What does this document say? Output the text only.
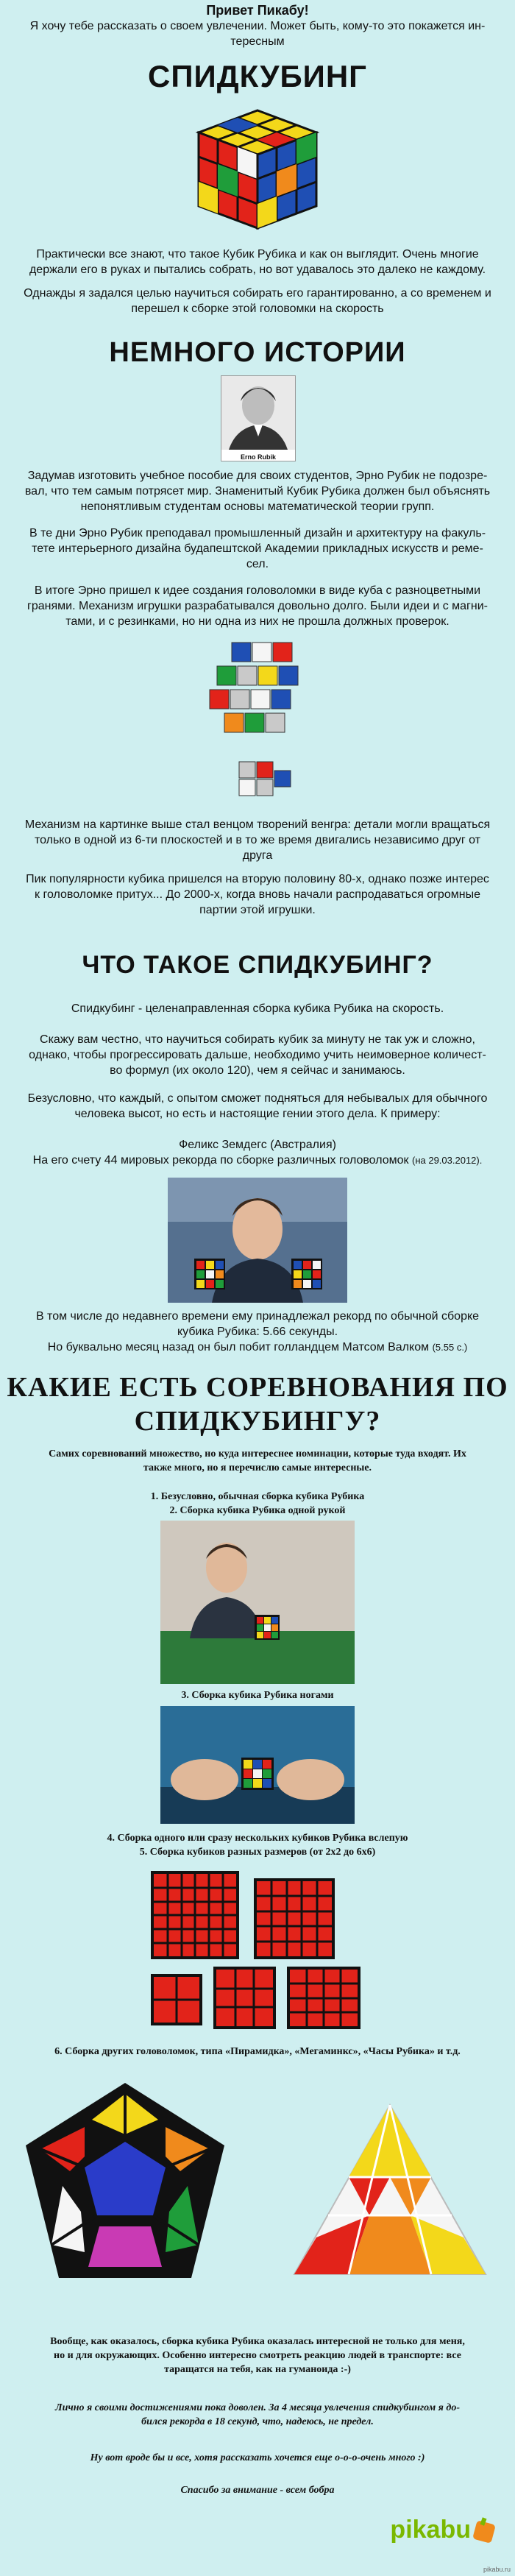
Привет Пикабу!

Я хочу тебе рассказать о своем увлечении. Может быть, кому-то это покажется ин-

тересным

СПИДКУБИНГ

Практически все знают, что такое Кубик Рубика и как он выглядит. Очень многие

держали его в руках и пытались собрать, но вот удавалось это далеко не каждому.

Однажды я задался целью научиться собирать его гарантированно, а со временем и

перешел к сборке этой головомки на скорость

НЕМНОГО ИСТОРИИ

Erno Rubik

Задумав изготовить учебное пособие для своих студентов, Эрно Рубик не подозре-

вал, что тем самым потрясет мир. Знаменитый Кубик Рубика должен был объяснять

непонятливым студентам основы математической теории групп.

В те дни Эрно Рубик преподавал промышленный дизайн и архитектуру на факуль-

тете интерьерного дизайна будапештской Академии прикладных искусств и реме-

сел.

В итоге Эрно пришел к идее создания головоломки в виде куба с разноцветными

гранями. Механизм игрушки разрабатывался довольно долго. Были идеи и с магни-

тами, и с резинками, но ни одна из них не прошла должных проверок.

Механизм на картинке выше стал венцом творений венгра: детали могли вращаться

только в одной из 6-ти плоскостей и в то же время двигались независимо друг от

друга

Пик популярности кубика пришелся на вторую половину 80-х, однако позже интерес

к головоломке притух... До 2000-х, когда вновь начали распродаваться огромные

партии этой игрушки.

ЧТО ТАКОЕ СПИДКУБИНГ?

Спидкубинг - целенаправленная сборка кубика Рубика на скорость.

Скажу вам честно, что научиться собирать кубик за минуту не так уж и сложно,

однако, чтобы прогрессировать дальше, необходимо учить неимоверное количест-

во формул (их около 120), чем я сейчас и занимаюсь.

Безусловно, что каждый, с опытом сможет подняться для небывалых для обычного

человека высот, но есть и настоящие гении этого дела. К примеру:

Феликс Земдегс (Австралия)

На его счету 44 мировых рекорда по сборке различных головоломок (на 29.03.2012).

В том числе до недавнего времени ему принадлежал рекорд по обычной сборке

кубика Рубика: 5.66 секунды.

Но буквально месяц назад он был побит голландцем Матсом Валком (5.55 с.)

КАКИЕ ЕСТЬ СОРЕВНОВАНИЯ ПО

СПИДКУБИНГУ?

Самих соревнований множество, но куда интереснее номинации, которые туда входят. Их

также много, но я перечислю самые интересные.

1. Безусловно, обычная сборка кубика Рубика

2. Сборка кубика Рубика одной рукой

3. Сборка кубика Рубика ногами

4. Сборка одного или сразу нескольких кубиков Рубика вслепую

5. Сборка кубиков разных размеров (от 2х2 до 6х6)

6. Сборка других головоломок, типа «Пирамидка», «Мегаминкс», «Часы Рубика» и т.д.

Вообще, как оказалось, сборка кубика Рубика оказалась интересной не только для меня,

но и для окружающих. Особенно интересно смотреть реакцию людей в транспорте: все

таращатся на тебя, как на гуманоида :-)

Лично я своими достижениями пока доволен. За 4 месяца увлечения спидкубингом я до-

бился рекорда в 18 секунд, что, надеюсь, не предел.

Ну вот вроде бы и все, хотя рассказать хочется еще о-о-о-очень много :)

Спасибо за внимание - всем бобра

pikabu
pikabu.ru
